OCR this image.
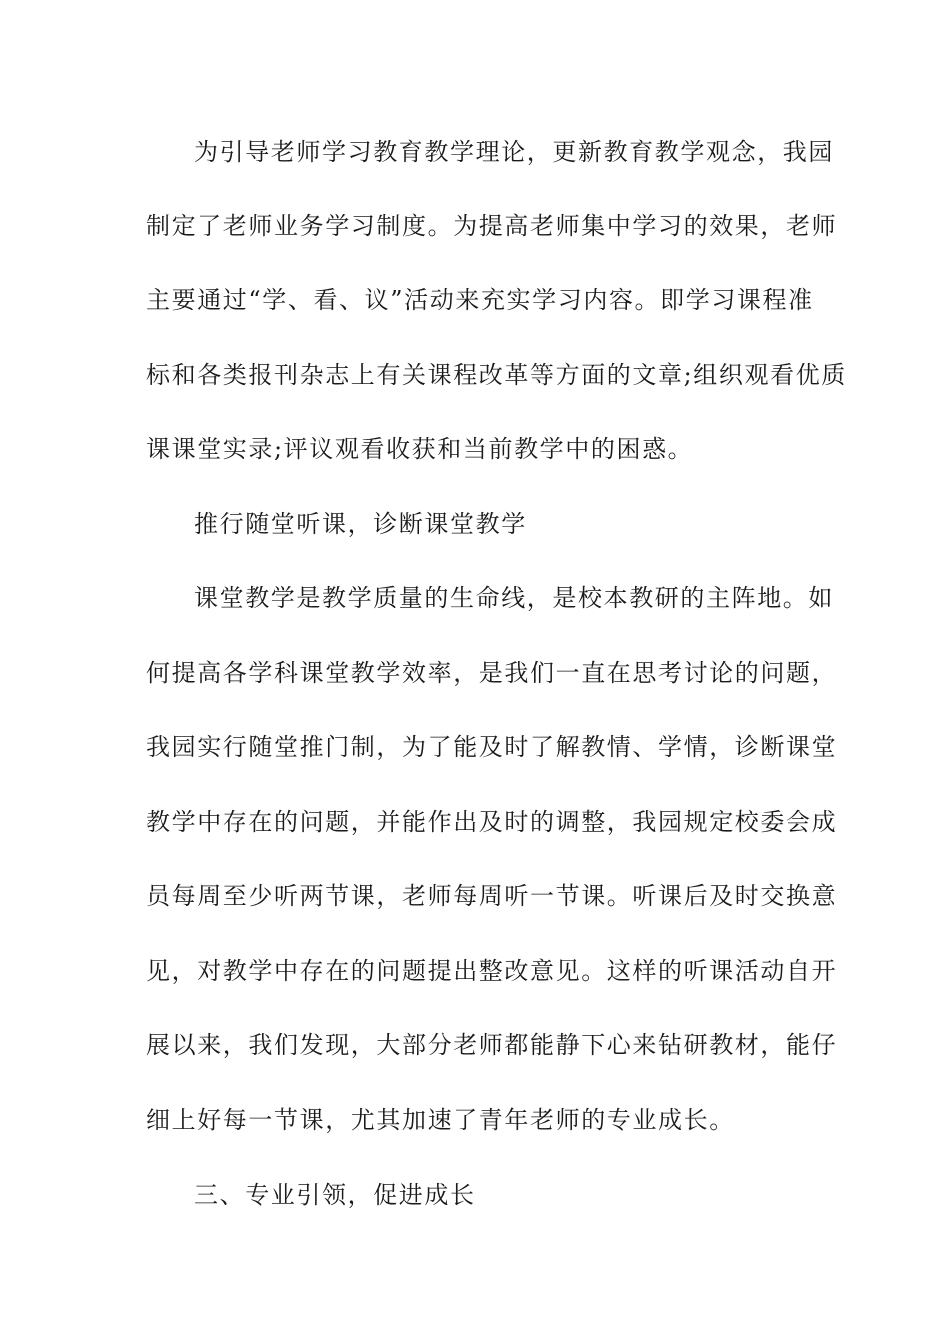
为引导老师学习教育教学理论，更新教育教学观念，我园
制定了老师业务学习制度。为提高老师集中学习的效果，老师
主要通过“学、看、议”活动来充实学习内容。即学习课程准
标和各类报刊杂志上有关课程改革等方面的文章;组织观看优质
课课堂实录;评议观看收获和当前教学中的困惑。
推行随堂听课，诊断课堂教学
课堂教学是教学质量的生命线，是校本教研的主阵地。如
何提高各学科课堂教学效率，是我们一直在思考讨论的问题，
我园实行随堂推门制，为了能及时了解教情、学情，诊断课堂
教学中存在的问题，并能作出及时的调整，我园规定校委会成
员每周至少听两节课，老师每周听一节课。听课后及时交换意
见，对教学中存在的问题提出整改意见。这样的听课活动自开
展以来，我们发现，大部分老师都能静下心来钻研教材，能仔
细上好每一节课，尤其加速了青年老师的专业成长。
三、专业引领，促进成长
